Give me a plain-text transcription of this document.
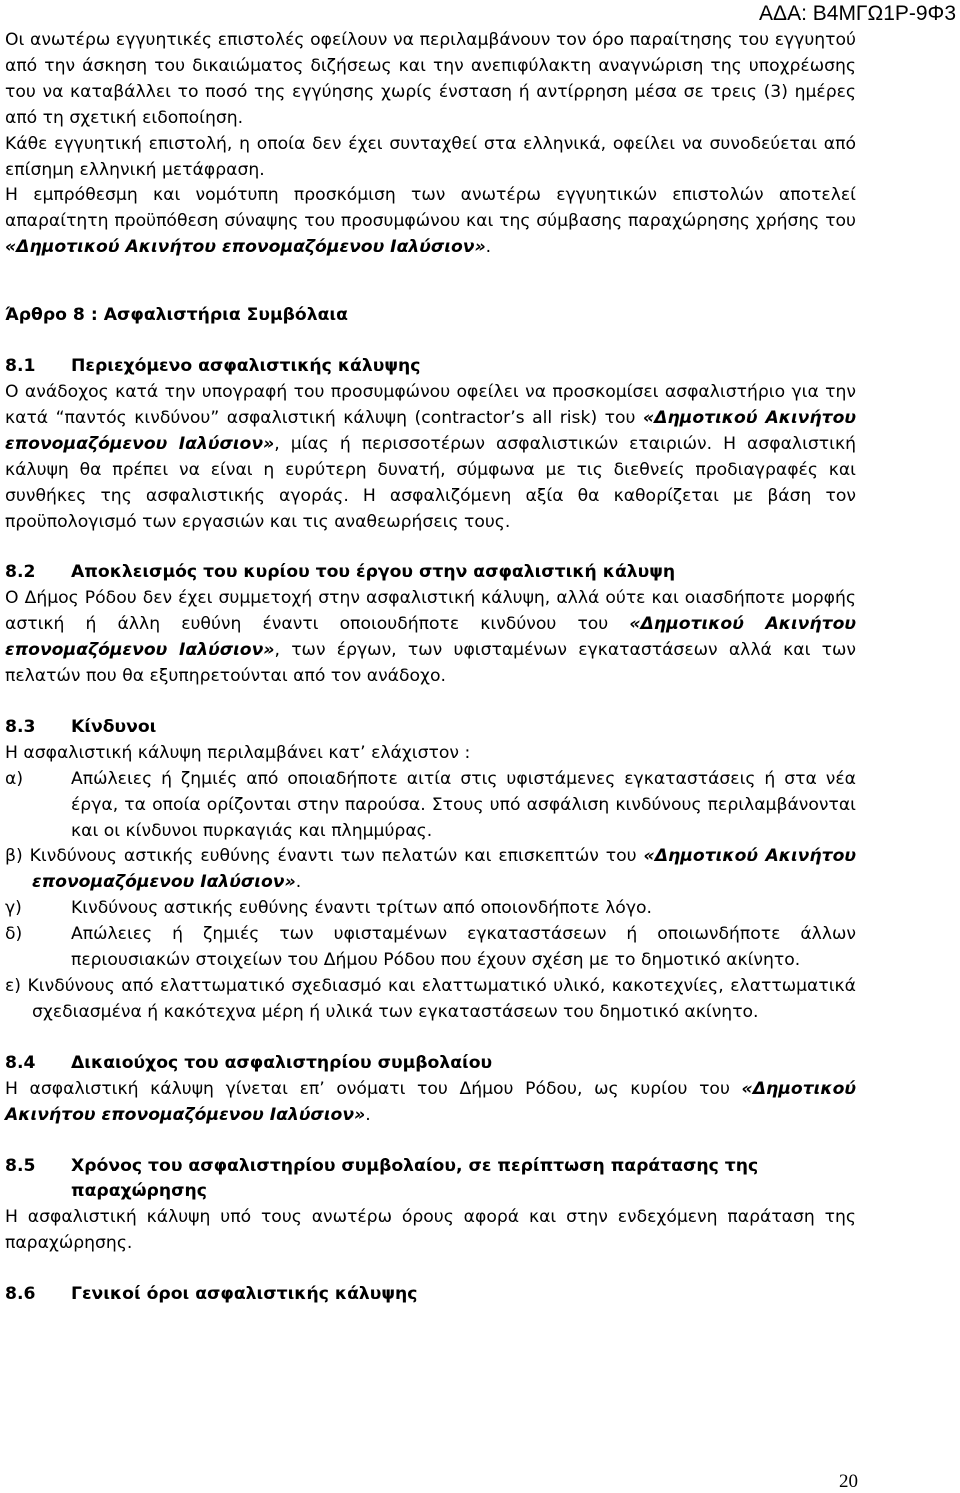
ΑΔΑ: Β4ΜΓΩ1Ρ-9Φ3

Οι ανωτέρω εγγυητικές επιστολές οφείλουν να περιλαμβάνουν τον όρο παραίτησης του εγγυητού από την άσκηση του δικαιώματος διζήσεως και την ανεπιφύλακτη αναγνώριση της υποχρέωσης του να καταβάλλει το ποσό της εγγύησης χωρίς ένσταση ή αντίρρηση μέσα σε τρεις (3) ημέρες από τη σχετική ειδοποίηση.

Κάθε εγγυητική επιστολή, η οποία δεν έχει συνταχθεί στα ελληνικά, οφείλει να συνοδεύεται από επίσημη ελληνική μετάφραση.

Η εμπρόθεσμη και νομότυπη προσκόμιση των ανωτέρω εγγυητικών επιστολών αποτελεί απαραίτητη προϋπόθεση σύναψης του προσυμφώνου και της σύμβασης παραχώρησης χρήσης του «Δημοτικού Ακινήτου επονομαζόμενου Ιαλύσιον».

Άρθρο 8 : Ασφαλιστήρια Συμβόλαια
8.1	Περιεχόμενο ασφαλιστικής κάλυψης

Ο ανάδοχος κατά την υπογραφή του προσυμφώνου οφείλει να προσκομίσει ασφαλιστήριο για την κατά “παντός κινδύνου” ασφαλιστική κάλυψη (contractor’s all risk) του «Δημοτικού Ακινήτου επονομαζόμενου Ιαλύσιον», μίας ή περισσοτέρων ασφαλιστικών εταιριών. Η ασφαλιστική κάλυψη θα πρέπει να είναι η ευρύτερη δυνατή, σύμφωνα με τις διεθνείς προδιαγραφές και συνθήκες της ασφαλιστικής αγοράς. Η ασφαλιζόμενη αξία θα καθορίζεται με βάση τον προϋπολογισμό των εργασιών και τις αναθεωρήσεις τους.

8.2	Αποκλεισμός του κυρίου του έργου στην ασφαλιστική κάλυψη

Ο Δήμος Ρόδου δεν έχει συμμετοχή στην ασφαλιστική κάλυψη, αλλά ούτε και οιασδήποτε μορφής αστική ή άλλη ευθύνη έναντι οποιουδήποτε κινδύνου του «Δημοτικού Ακινήτου επονομαζόμενου Ιαλύσιον», των έργων, των υφισταμένων εγκαταστάσεων αλλά και των πελατών που θα εξυπηρετούνται από τον ανάδοχο.

8.3	Κίνδυνοι

Η ασφαλιστική κάλυψη περιλαμβάνει κατ’ ελάχιστον :

α)	Απώλειες ή ζημιές από οποιαδήποτε αιτία στις υφιστάμενες εγκαταστάσεις ή στα νέα έργα, τα οποία ορίζονται στην παρούσα. Στους υπό ασφάλιση κινδύνους περιλαμβάνονται και οι κίνδυνοι πυρκαγιάς και πλημμύρας.
β) Κινδύνους αστικής ευθύνης έναντι των πελατών και επισκεπτών του «Δημοτικού Ακινήτου επονομαζόμενου Ιαλύσιον».
γ)	Κινδύνους αστικής ευθύνης έναντι τρίτων από οποιονδήποτε λόγο.
δ)	Απώλειες ή ζημιές των υφισταμένων εγκαταστάσεων ή οποιωνδήποτε άλλων περιουσιακών στοιχείων του Δήμου Ρόδου που έχουν σχέση με το δημοτικό ακίνητο.
ε) Κινδύνους από ελαττωματικό σχεδιασμό και ελαττωματικό υλικό, κακοτεχνίες, ελαττωματικά σχεδιασμένα ή κακότεχνα μέρη ή υλικά των εγκαταστάσεων του δημοτικό ακίνητο.
8.4	Δικαιούχος του ασφαλιστηρίου συμβολαίου

Η ασφαλιστική κάλυψη γίνεται επ’ ονόματι του Δήμου Ρόδου, ως κυρίου του «Δημοτικού Ακινήτου επονομαζόμενου Ιαλύσιον».

8.5	Χρόνος του ασφαλιστηρίου συμβολαίου, σε περίπτωση παράτασης της παραχώρησης

Η ασφαλιστική κάλυψη υπό τους ανωτέρω όρους αφορά και στην ενδεχόμενη παράταση της παραχώρησης.

8.6	Γενικοί όροι ασφαλιστικής κάλυψης
20
